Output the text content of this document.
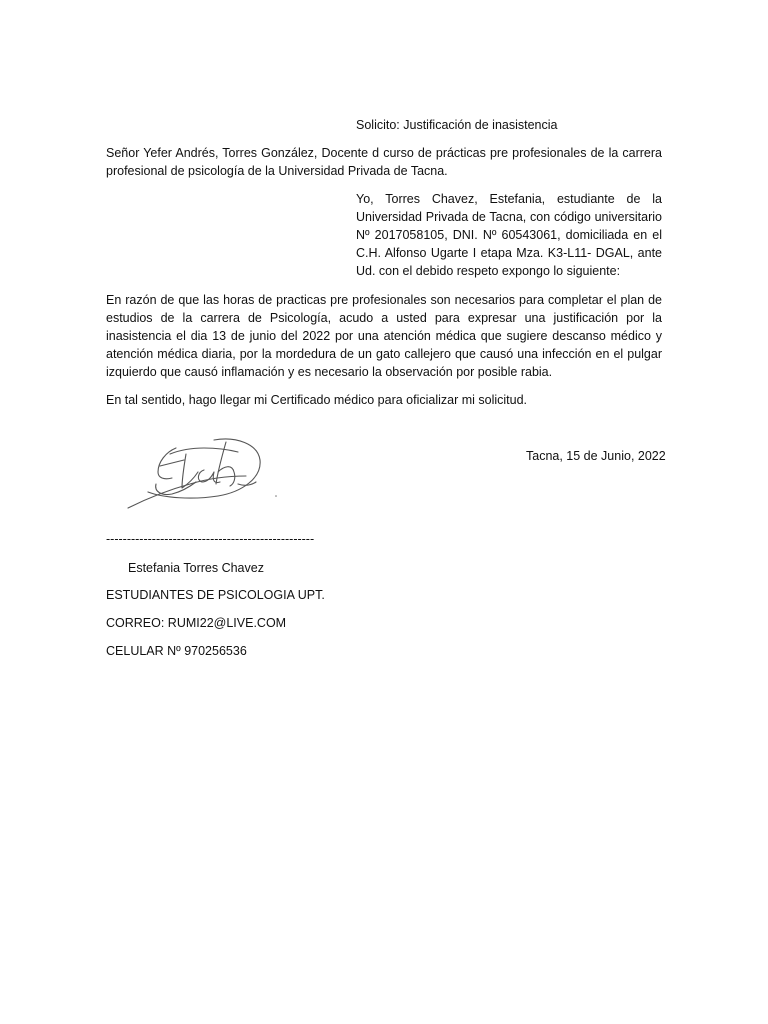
Solicito: Justificación de inasistencia
Señor Yefer Andrés, Torres González, Docente d curso de prácticas pre profesionales de la carrera profesional de psicología de la Universidad Privada de Tacna.
Yo, Torres Chavez, Estefania, estudiante de la Universidad Privada de Tacna, con código universitario Nº 2017058105, DNI. Nº 60543061, domiciliada en el C.H. Alfonso Ugarte I etapa Mza. K3-L11- DGAL, ante Ud. con el debido respeto expongo lo siguiente:
En razón de que las horas de practicas pre profesionales son necesarios para completar el plan de estudios de la carrera de Psicología, acudo a usted para expresar una justificación por la inasistencia el dia 13 de junio del 2022 por una atención médica que sugiere descanso médico y atención médica diaria, por la mordedura de un gato callejero que causó una infección en el pulgar izquierdo que causó inflamación y es necesario la observación por posible rabia.
En tal sentido, hago llegar mi Certificado médico para oficializar mi solicitud.
Tacna, 15 de Junio, 2022
--------------------------------------------------
Estefania Torres Chavez
ESTUDIANTES DE PSICOLOGIA UPT.
CORREO: RUMI22@LIVE.COM
CELULAR Nº 970256536
